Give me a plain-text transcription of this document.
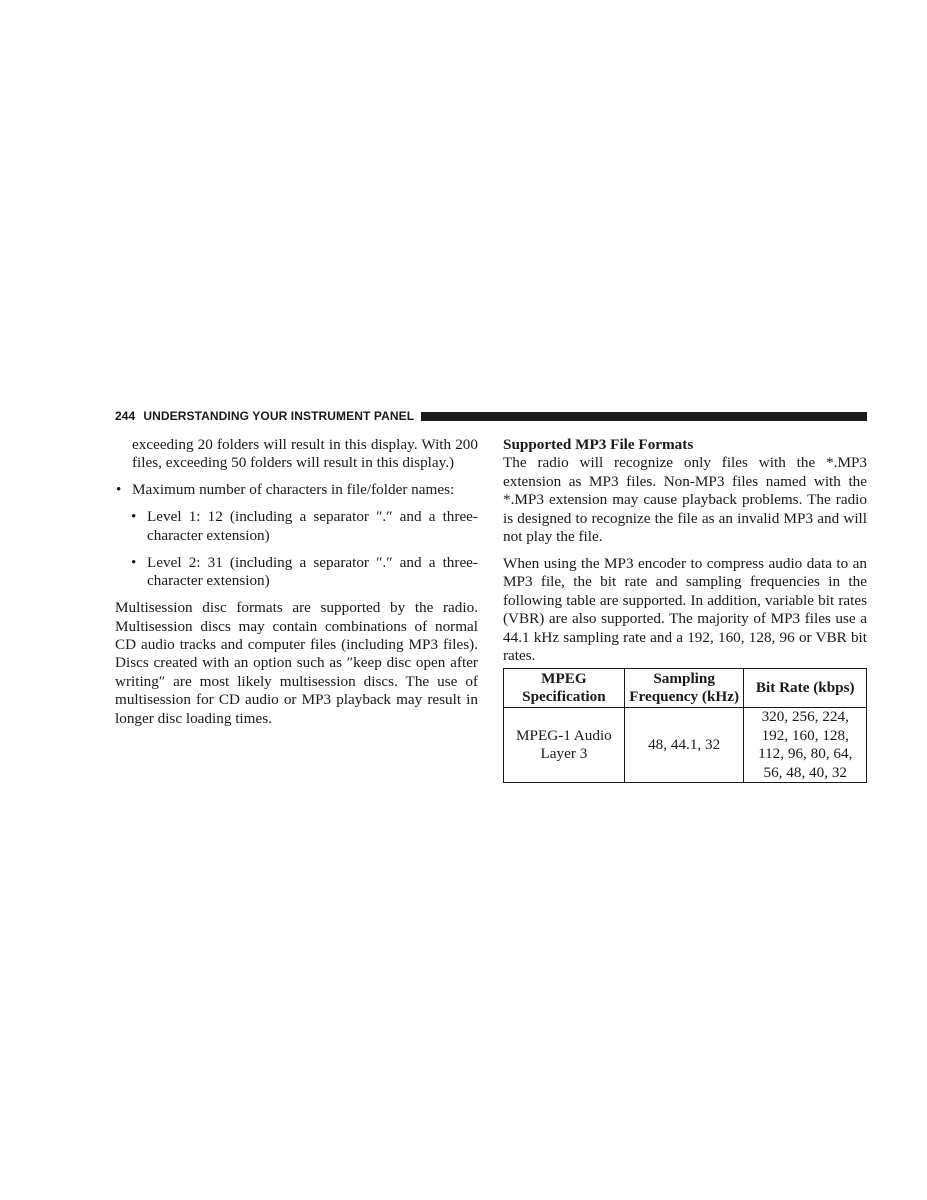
244 UNDERSTANDING YOUR INSTRUMENT PANEL

exceeding 20 folders will result in this display. With 200 files, exceeding 50 folders will result in this display.)

• Maximum number of characters in file/folder names:

• Level 1: 12 (including a separator ″.″ and a three-character extension)

• Level 2: 31 (including a separator ″.″ and a three-character extension)

Multisession disc formats are supported by the radio. Multisession discs may contain combinations of normal CD audio tracks and computer files (including MP3 files). Discs created with an option such as ″keep disc open after writing″ are most likely multisession discs. The use of multisession for CD audio or MP3 playback may result in longer disc loading times.

Supported MP3 File Formats

The radio will recognize only files with the *.MP3 extension as MP3 files. Non-MP3 files named with the *.MP3 extension may cause playback problems. The radio is designed to recognize the file as an invalid MP3 and will not play the file.

When using the MP3 encoder to compress audio data to an MP3 file, the bit rate and sampling frequencies in the following table are supported. In addition, variable bit rates (VBR) are also supported. The majority of MP3 files use a 44.1 kHz sampling rate and a 192, 160, 128, 96 or VBR bit rates.

MPEG Specification	Sampling Frequency (kHz)	Bit Rate (kbps)
MPEG-1 Audio Layer 3	48, 44.1, 32	320, 256, 224, 192, 160, 128, 112, 96, 80, 64, 56, 48, 40, 32
